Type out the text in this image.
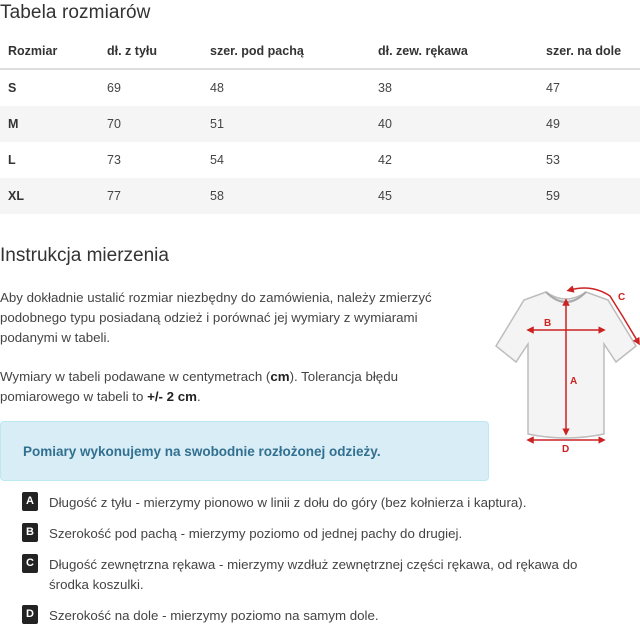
Tabela rozmiarów
Rozmiar	dł. z tyłu	szer. pod pachą	dł. zew. rękawa	szer. na dole
S	69	48	38	47
M	70	51	40	49
L	73	54	42	53
XL	77	58	45	59
Instrukcja mierzenia

Aby dokładnie ustalić rozmiar niezbędny do zamówienia, należy zmierzyć podobnego typu posiadaną odzież i porównać jej wymiary z wymiarami podanymi w tabeli.

Wymiary w tabeli podawane w centymetrach (cm). Tolerancja błędu pomiarowego w tabeli to +/- 2 cm.

Pomiary wykonujemy na swobodnie rozłożonej odzieży.
A	Długość z tyłu - mierzymy pionowo w linii z dołu do góry (bez kołnierza i kaptura).
B	Szerokość pod pachą - mierzymy poziomo od jednej pachy do drugiej.
C	Długość zewnętrzna rękawa - mierzymy wzdłuż zewnętrznej części rękawa, od rękawa do środka koszulki.
D	Szerokość na dole - mierzymy poziomo na samym dole.
A
B
C
D
